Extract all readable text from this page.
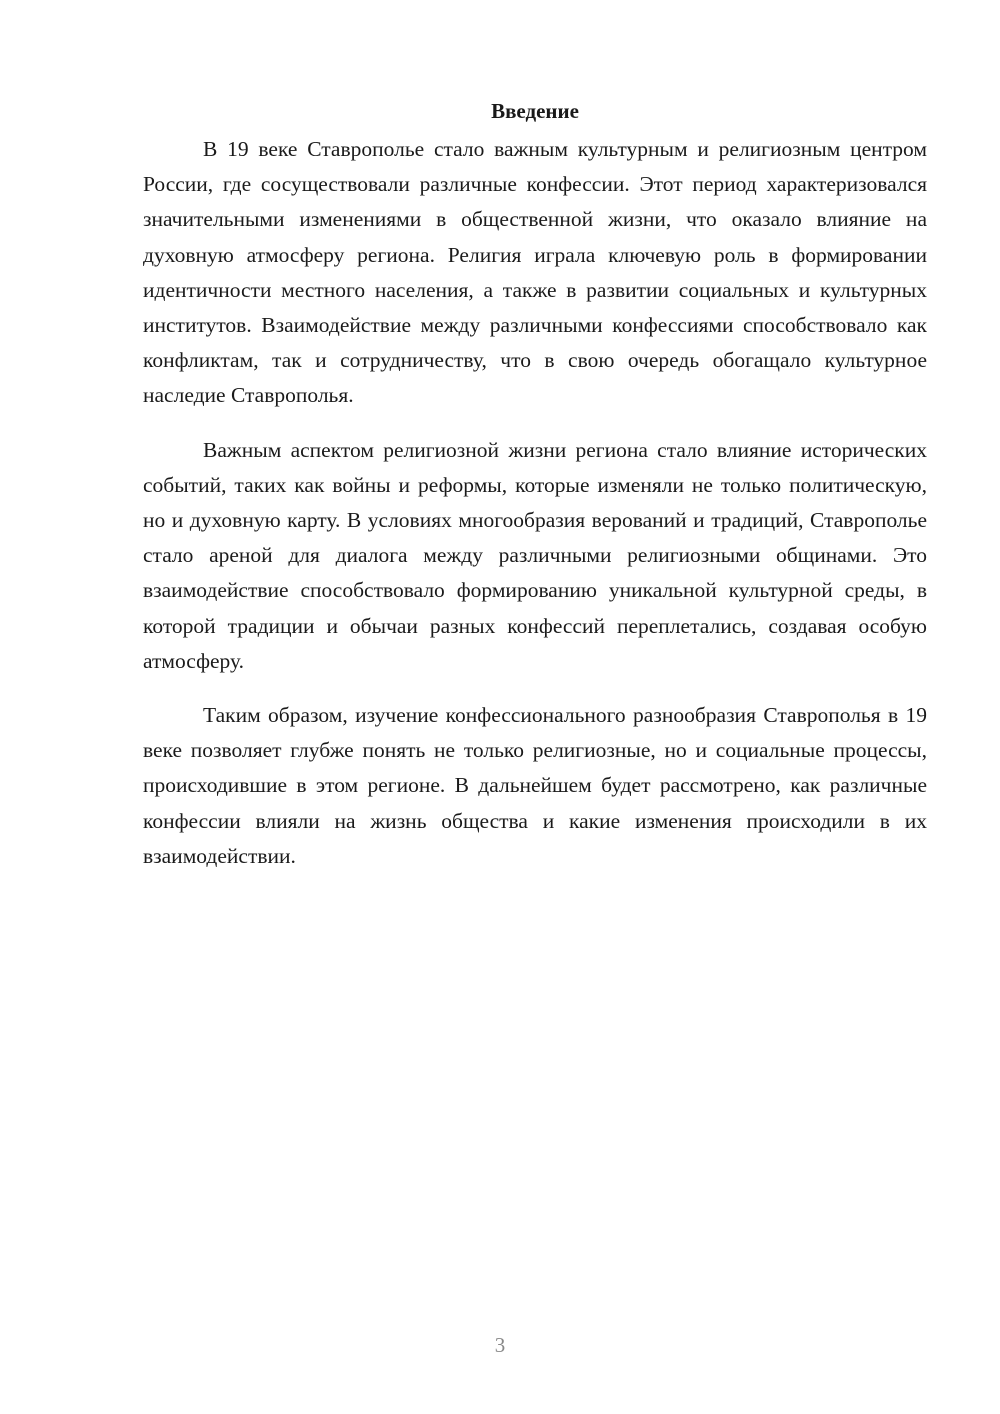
Введение

В 19 веке Ставрополье стало важным культурным и религиозным центром России, где сосуществовали различные конфессии. Этот период характеризовался значительными изменениями в общественной жизни, что оказало влияние на духовную атмосферу региона. Религия играла ключевую роль в формировании идентичности местного населения, а также в развитии социальных и культурных институтов. Взаимодействие между различными конфессиями способствовало как конфликтам, так и сотрудничеству, что в свою очередь обогащало культурное наследие Ставрополья.

Важным аспектом религиозной жизни региона стало влияние исторических событий, таких как войны и реформы, которые изменяли не только политическую, но и духовную карту. В условиях многообразия верований и традиций, Ставрополье стало ареной для диалога между различными религиозными общинами. Это взаимодействие способствовало формированию уникальной культурной среды, в которой традиции и обычаи разных конфессий переплетались, создавая особую атмосферу.

Таким образом, изучение конфессионального разнообразия Ставрополья в 19 веке позволяет глубже понять не только религиозные, но и социальные процессы, происходившие в этом регионе. В дальнейшем будет рассмотрено, как различные конфессии влияли на жизнь общества и какие изменения происходили в их взаимодействии.

3
